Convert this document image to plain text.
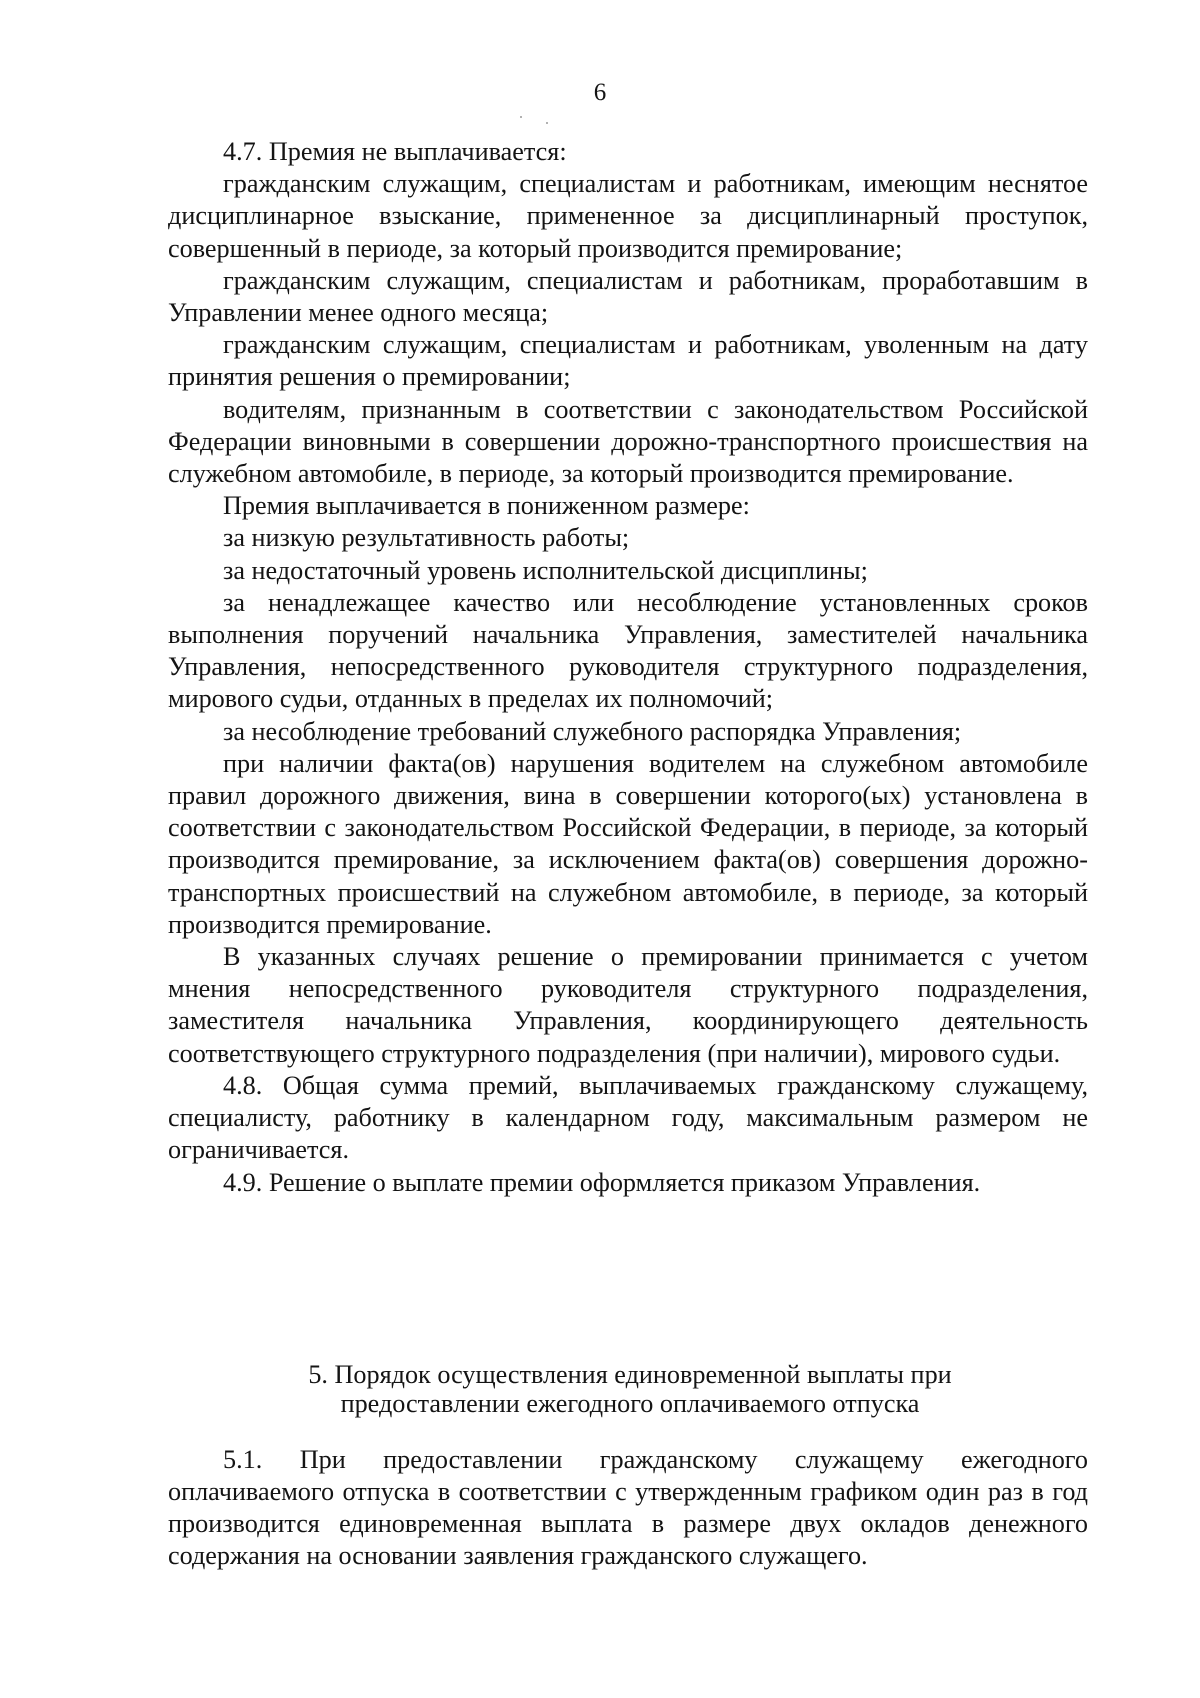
6

4.7. Премия не выплачивается:

гражданским служащим, специалистам и работникам, имеющим неснятое дисциплинарное взыскание, примененное за дисциплинарный проступок, совершенный в периоде, за который производится премирование;

гражданским служащим, специалистам и работникам, проработавшим в Управлении менее одного месяца;

гражданским служащим, специалистам и работникам, уволенным на дату принятия решения о премировании;

водителям, признанным в соответствии с законодательством Российской Федерации виновными в совершении дорожно-транспортного происшествия на служебном автомобиле, в периоде, за который производится премирование.

Премия выплачивается в пониженном размере:

за низкую результативность работы;

за недостаточный уровень исполнительской дисциплины;

за ненадлежащее качество или несоблюдение установленных сроков выполнения поручений начальника Управления, заместителей начальника Управления, непосредственного руководителя структурного подразделения, мирового судьи, отданных в пределах их полномочий;

за несоблюдение требований служебного распорядка Управления;

при наличии факта(ов) нарушения водителем на служебном автомобиле правил дорожного движения, вина в совершении которого(ых) установлена в соответствии с законодательством Российской Федерации, в периоде, за который производится премирование, за исключением факта(ов) совершения дорожно-транспортных происшествий на служебном автомобиле, в периоде, за который производится премирование.

В указанных случаях решение о премировании принимается с учетом мнения непосредственного руководителя структурного подразделения, заместителя начальника Управления, координирующего деятельность соответствующего структурного подразделения (при наличии), мирового судьи.

4.8. Общая сумма премий, выплачиваемых гражданскому служащему, специалисту, работнику в календарном году, максимальным размером не ограничивается.

4.9. Решение о выплате премии оформляется приказом Управления.

5. Порядок осуществления единовременной выплаты при
предоставлении ежегодного оплачиваемого отпуска

5.1. При предоставлении гражданскому служащему ежегодного оплачиваемого отпуска в соответствии с утвержденным графиком один раз в год производится единовременная выплата в размере двух окладов денежного содержания на основании заявления гражданского служащего.
